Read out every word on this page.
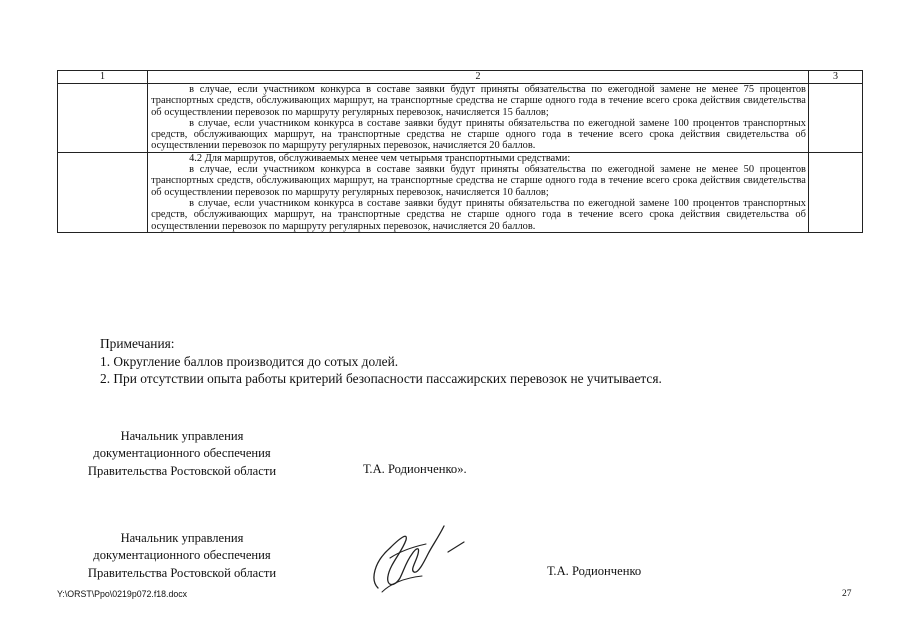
1	2	3

	в случае, если участником конкурса в составе заявки будут приняты обязательства по ежегодной замене не менее 75 процентов транспортных средств, обслуживающих маршрут, на транспортные средства не старше одного года в течение всего срока действия свидетельства об осуществлении перевозок по маршруту регулярных перевозок, начисляется 15 баллов;

в случае, если участником конкурса в составе заявки будут приняты обязательства по ежегодной замене 100 процентов транспортных средств, обслуживающих маршрут, на транспортные средства не старше одного года в течение всего срока действия свидетельства об осуществлении перевозок по маршруту регулярных перевозок, начисляется 20 баллов.	

	4.2 Для маршрутов, обслуживаемых менее чем четырьмя транспортными средствами:

в случае, если участником конкурса в составе заявки будут приняты обязательства по ежегодной замене не менее 50 процентов транспортных средств, обслуживающих маршрут, на транспортные средства не старше одного года в течение всего срока действия свидетельства об осуществлении перевозок по маршруту регулярных перевозок, начисляется 10 баллов;

в случае, если участником конкурса в составе заявки будут приняты обязательства по ежегодной замене 100 процентов транспортных средств, обслуживающих маршрут, на транспортные средства не старше одного года в течение всего срока действия свидетельства об осуществлении перевозок по маршруту регулярных перевозок, начисляется 20 баллов.	

Примечания:
1. Округление баллов производится до сотых долей.
2. При отсутствии опыта работы критерий безопасности пассажирских перевозок не учитывается.
Начальник управления
документационного обеспечения
Правительства Ростовской области	Т.А. Родионченко».
Начальник управления
документационного обеспечения
Правительства Ростовской области	Т.А. Родионченко
Y:\ORST\Ppo\0219p072.f18.docx	27
